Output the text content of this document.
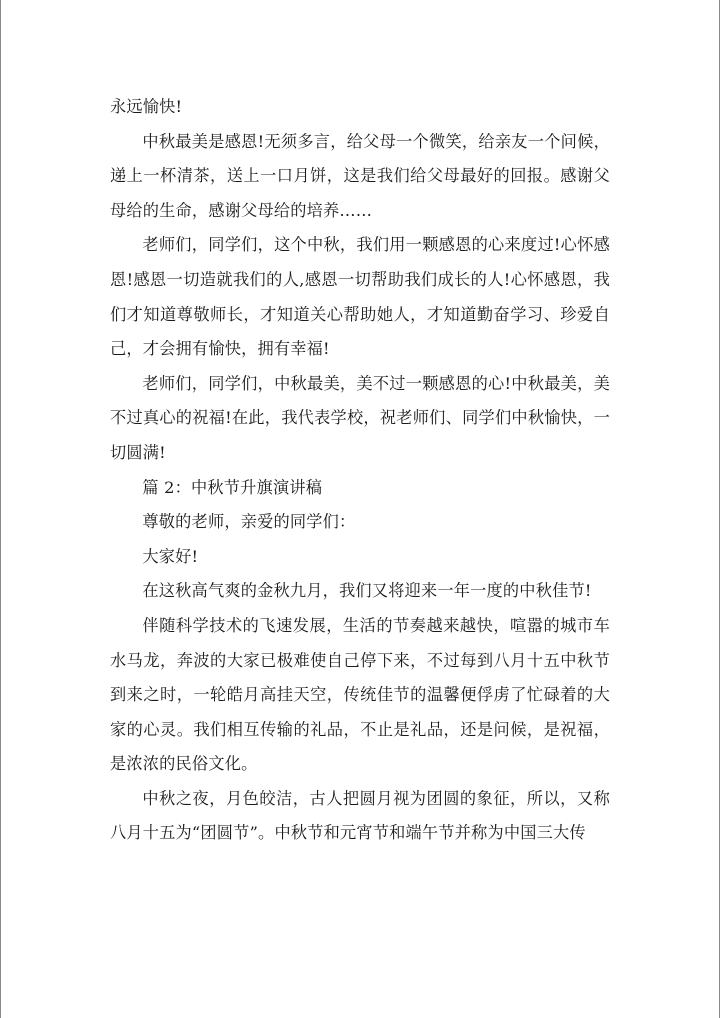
永远愉快!

中秋最美是感恩!无须多言，给父母一个微笑，给亲友一个问候，递上一杯清茶，送上一口月饼，这是我们给父母最好的回报。感谢父母给的生命，感谢父母给的培养……

老师们，同学们，这个中秋，我们用一颗感恩的心来度过!心怀感恩!感恩一切造就我们的人,感恩一切帮助我们成长的人!心怀感恩，我们才知道尊敬师长，才知道关心帮助她人，才知道勤奋学习、珍爱自己，才会拥有愉快，拥有幸福!

老师们，同学们，中秋最美，美不过一颗感恩的心!中秋最美，美不过真心的祝福!在此，我代表学校，祝老师们、同学们中秋愉快，一切圆满!

篇 2：中秋节升旗演讲稿

尊敬的老师，亲爱的同学们：

大家好!

在这秋高气爽的金秋九月，我们又将迎来一年一度的中秋佳节!

伴随科学技术的飞速发展，生活的节奏越来越快，喧嚣的城市车水马龙，奔波的大家已极难使自己停下来，不过每到八月十五中秋节到来之时，一轮皓月高挂天空，传统佳节的温馨便俘虏了忙碌着的大家的心灵。我们相互传输的礼品，不止是礼品，还是问候，是祝福，是浓浓的民俗文化。

中秋之夜，月色皎洁，古人把圆月视为团圆的象征，所以，又称八月十五为“团圆节”。中秋节和元宵节和端午节并称为中国三大传
